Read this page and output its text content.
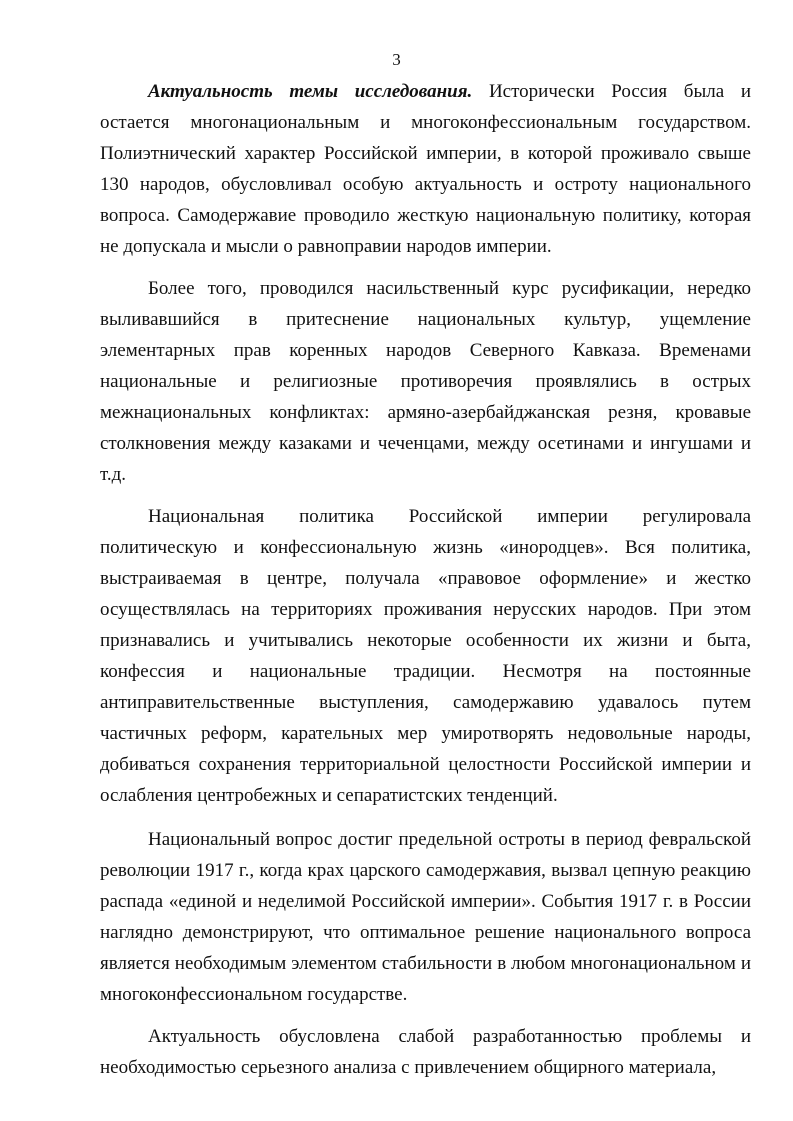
3

Актуальность темы исследования. Исторически Россия была и остается многонациональным и многоконфессиональным государством. Полиэтнический характер Российской империи, в которой проживало свыше 130 народов, обусловливал особую актуальность и остроту национального вопроса. Самодержавие проводило жесткую национальную политику, которая не допускала и мысли о равноправии народов империи.

Более того, проводился насильственный курс русификации, нередко выливавшийся в притеснение национальных культур, ущемление элементарных прав коренных народов Северного Кавказа. Временами национальные и религиозные противоречия проявлялись в острых межнациональных конфликтах: армяно-азербайджанская резня, кровавые столкновения между казаками и чеченцами, между осетинами и ингушами и т.д.

Национальная политика Российской империи регулировала политическую и конфессиональную жизнь «инородцев». Вся политика, выстраиваемая в центре, получала «правовое оформление» и жестко осуществлялась на территориях проживания нерусских народов. При этом признавались и учитывались некоторые особенности их жизни и быта, конфессия и национальные традиции. Несмотря на постоянные антиправительственные выступления, самодержавию удавалось путем частичных реформ, карательных мер умиротворять недовольные народы, добиваться сохранения территориальной целостности Российской империи и ослабления центробежных и сепаратистских тенденций.

Национальный вопрос достиг предельной остроты в период февральской революции 1917 г., когда крах царского самодержавия, вызвал цепную реакцию распада «единой и неделимой Российской империи». События 1917 г. в России наглядно демонстрируют, что оптимальное решение национального вопроса является необходимым элементом стабильности в любом многонациональном и многоконфессиональном государстве.

Актуальность обусловлена слабой разработанностью проблемы и необходимостью серьезного анализа с привлечением общирного материала,
